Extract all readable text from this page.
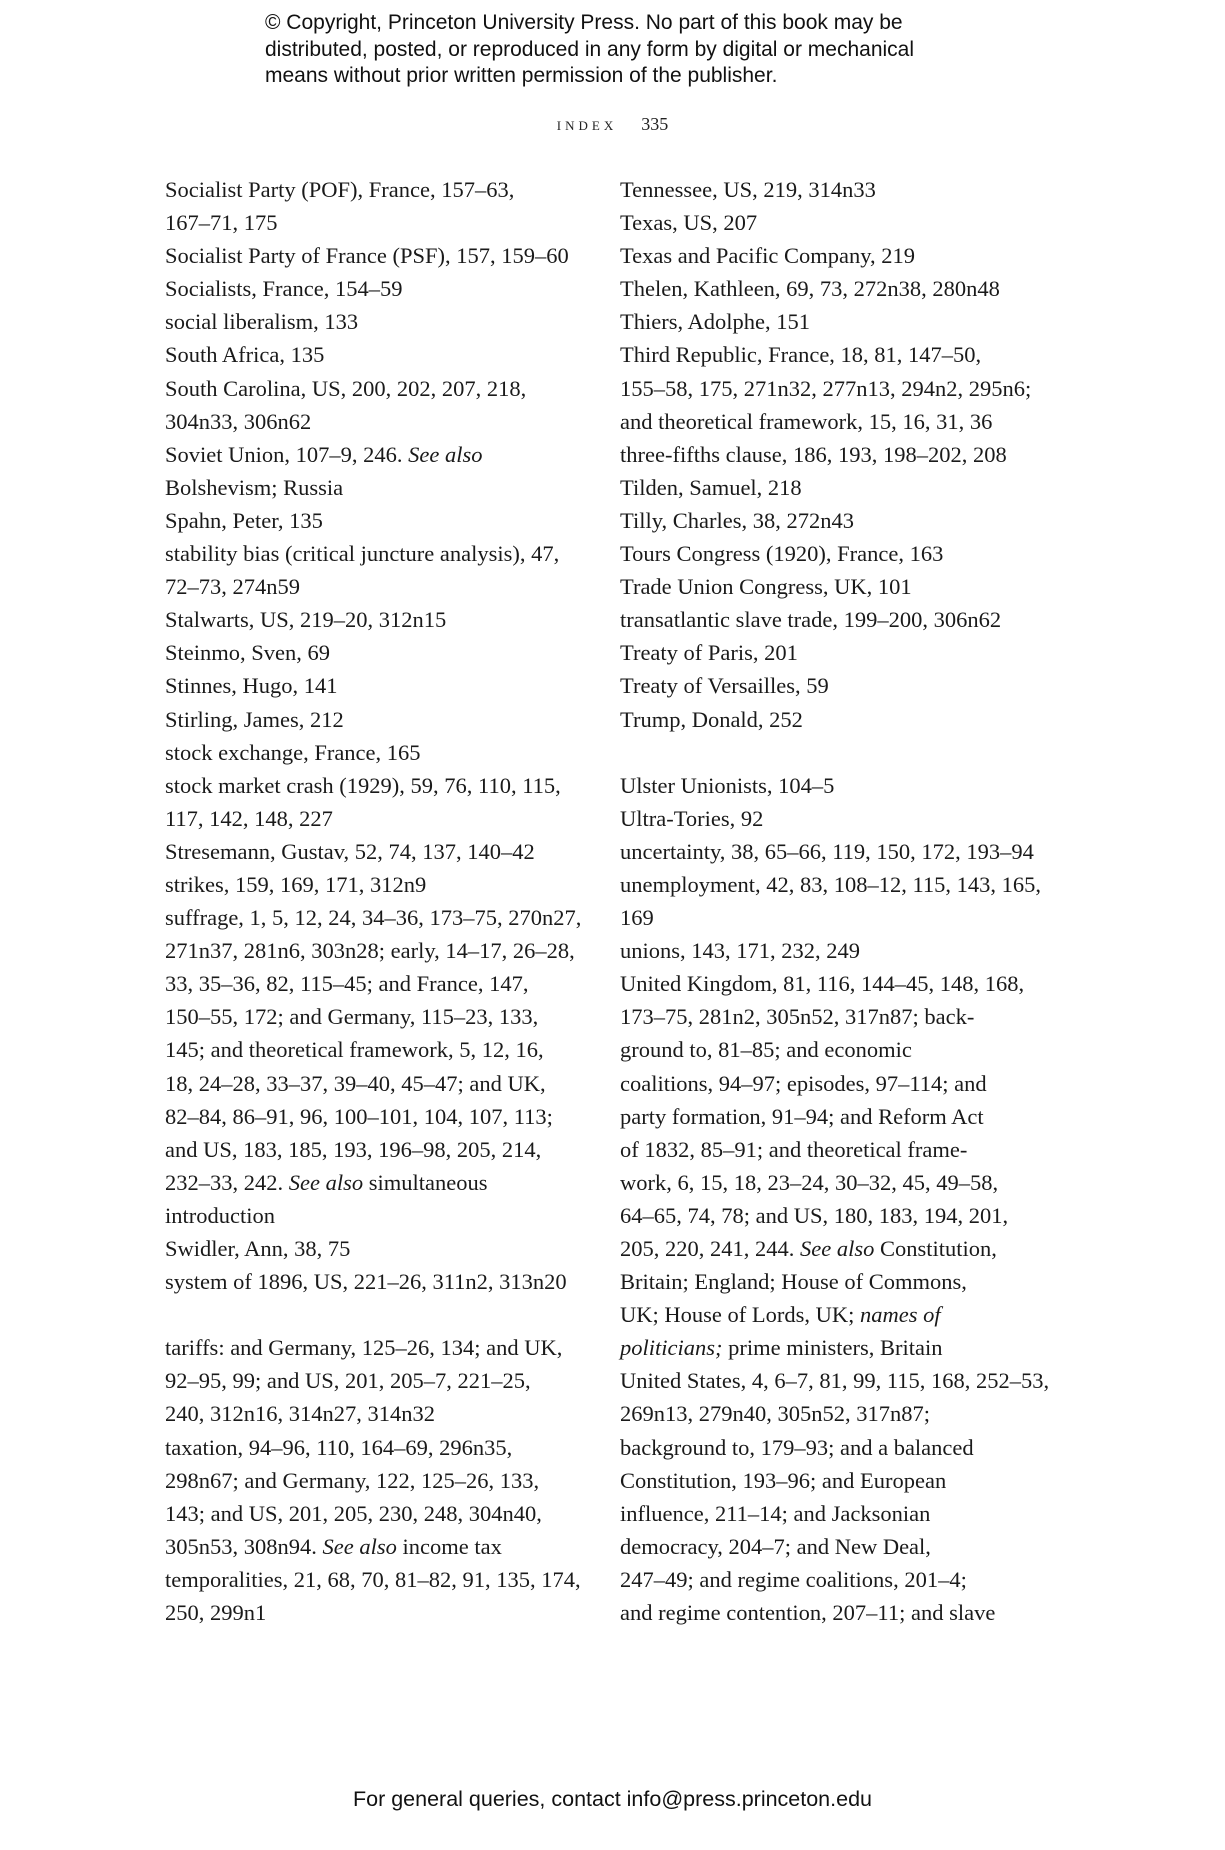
© Copyright, Princeton University Press. No part of this book may be
distributed, posted, or reproduced in any form by digital or mechanical
means without prior written permission of the publisher.
index 335
Socialist Party (POF), France, 157–63,
167–71, 175
Socialist Party of France (PSF), 157, 159–60
Socialists, France, 154–59
social liberalism, 133
South Africa, 135
South Carolina, US, 200, 202, 207, 218,
304n33, 306n62
Soviet Union, 107–9, 246. See also
Bolshevism; Russia
Spahn, Peter, 135
stability bias (critical juncture analysis), 47,
72–73, 274n59
Stalwarts, US, 219–20, 312n15
Steinmo, Sven, 69
Stinnes, Hugo, 141
Stirling, James, 212
stock exchange, France, 165
stock market crash (1929), 59, 76, 110, 115,
117, 142, 148, 227
Stresemann, Gustav, 52, 74, 137, 140–42
strikes, 159, 169, 171, 312n9
suffrage, 1, 5, 12, 24, 34–36, 173–75, 270n27,
271n37, 281n6, 303n28; early, 14–17, 26–28,
33, 35–36, 82, 115–45; and France, 147,
150–55, 172; and Germany, 115–23, 133,
145; and theoretical framework, 5, 12, 16,
18, 24–28, 33–37, 39–40, 45–47; and UK,
82–84, 86–91, 96, 100–101, 104, 107, 113;
and US, 183, 185, 193, 196–98, 205, 214,
232–33, 242. See also simultaneous
introduction
Swidler, Ann, 38, 75
system of 1896, US, 221–26, 311n2, 313n20
tariffs: and Germany, 125–26, 134; and UK,
92–95, 99; and US, 201, 205–7, 221–25,
240, 312n16, 314n27, 314n32
taxation, 94–96, 110, 164–69, 296n35,
298n67; and Germany, 122, 125–26, 133,
143; and US, 201, 205, 230, 248, 304n40,
305n53, 308n94. See also income tax
temporalities, 21, 68, 70, 81–82, 91, 135, 174,
250, 299n1
Tennessee, US, 219, 314n33
Texas, US, 207
Texas and Pacific Company, 219
Thelen, Kathleen, 69, 73, 272n38, 280n48
Thiers, Adolphe, 151
Third Republic, France, 18, 81, 147–50,
155–58, 175, 271n32, 277n13, 294n2, 295n6;
and theoretical framework, 15, 16, 31, 36
three-fifths clause, 186, 193, 198–202, 208
Tilden, Samuel, 218
Tilly, Charles, 38, 272n43
Tours Congress (1920), France, 163
Trade Union Congress, UK, 101
transatlantic slave trade, 199–200, 306n62
Treaty of Paris, 201
Treaty of Versailles, 59
Trump, Donald, 252
Ulster Unionists, 104–5
Ultra-Tories, 92
uncertainty, 38, 65–66, 119, 150, 172, 193–94
unemployment, 42, 83, 108–12, 115, 143, 165,
169
unions, 143, 171, 232, 249
United Kingdom, 81, 116, 144–45, 148, 168,
173–75, 281n2, 305n52, 317n87; back-
ground to, 81–85; and economic
coalitions, 94–97; episodes, 97–114; and
party formation, 91–94; and Reform Act
of 1832, 85–91; and theoretical frame-
work, 6, 15, 18, 23–24, 30–32, 45, 49–58,
64–65, 74, 78; and US, 180, 183, 194, 201,
205, 220, 241, 244. See also Constitution,
Britain; England; House of Commons,
UK; House of Lords, UK; names of
politicians; prime ministers, Britain
United States, 4, 6–7, 81, 99, 115, 168, 252–53,
269n13, 279n40, 305n52, 317n87;
background to, 179–93; and a balanced
Constitution, 193–96; and European
influence, 211–14; and Jacksonian
democracy, 204–7; and New Deal,
247–49; and regime coalitions, 201–4;
and regime contention, 207–11; and slave
For general queries, contact info@press.princeton.edu
